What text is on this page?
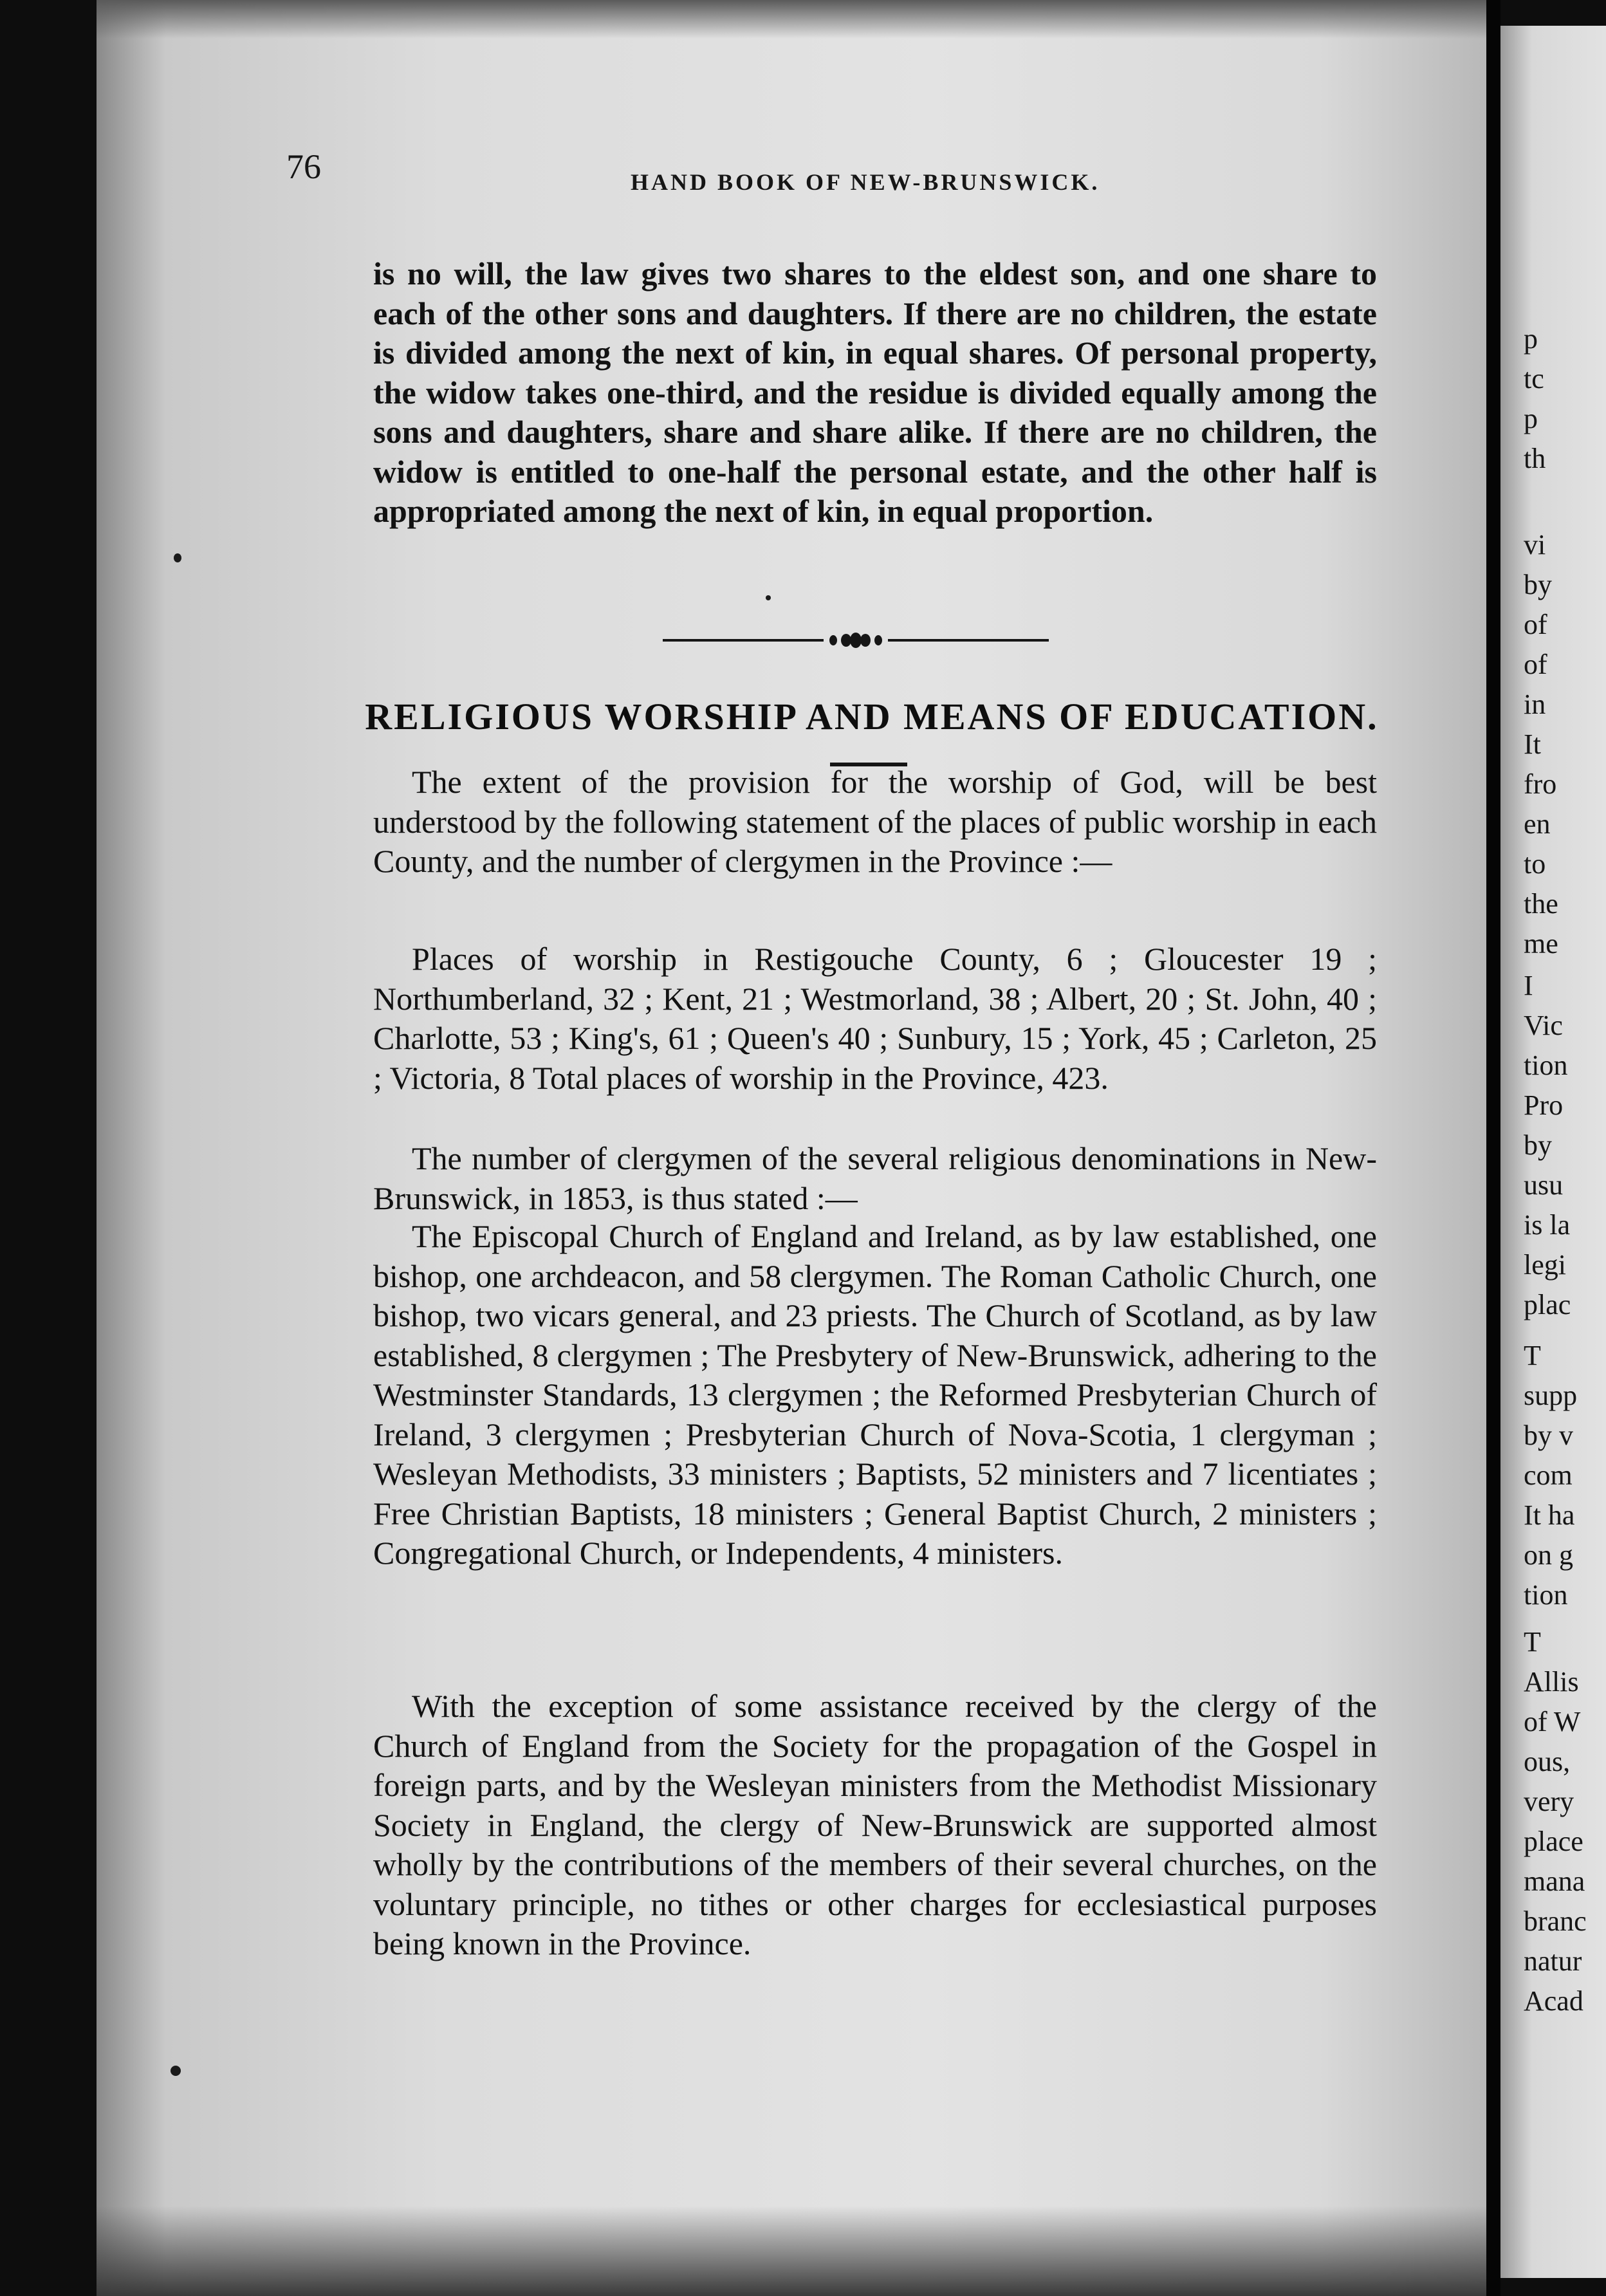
76	HAND BOOK OF NEW-BRUNSWICK.

is no will, the law gives two shares to the eldest son, and one share to each of the other sons and daughters. If there are no children, the estate is divided among the next of kin, in equal shares. Of personal property, the widow takes one-third, and the residue is divided equally among the sons and daughters, share and share alike. If there are no children, the widow is entitled to one-half the personal estate, and the other half is appropriated among the next of kin, in equal proportion.

RELIGIOUS WORSHIP AND MEANS OF EDUCATION.

The extent of the provision for the worship of God, will be best understood by the following statement of the places of public worship in each County, and the number of clergymen in the Province :—

Places of worship in Restigouche County, 6 ; Gloucester 19 ; Northumberland, 32 ; Kent, 21 ; Westmorland, 38 ; Albert, 20 ; St. John, 40 ; Charlotte, 53 ; King's, 61 ; Queen's 40 ; Sunbury, 15 ; York, 45 ; Carleton, 25 ; Victoria, 8 Total places of worship in the Province, 423.

The number of clergymen of the several religious denominations in New-Brunswick, in 1853, is thus stated :—

The Episcopal Church of England and Ireland, as by law established, one bishop, one archdeacon, and 58 clergymen. The Roman Catholic Church, one bishop, two vicars general, and 23 priests. The Church of Scotland, as by law established, 8 clergymen ; The Presbytery of New-Brunswick, adhering to the Westminster Standards, 13 clergymen ; the Reformed Presbyterian Church of Ireland, 3 clergymen ; Presbyterian Church of Nova-Scotia, 1 clergyman ; Wesleyan Methodists, 33 ministers ; Baptists, 52 ministers and 7 licentiates ; Free Christian Baptists, 18 ministers ; General Baptist Church, 2 ministers ; Congregational Church, or Independents, 4 ministers.

With the exception of some assistance received by the clergy of the Church of England from the Society for the propagation of the Gospel in foreign parts, and by the Wesleyan ministers from the Methodist Missionary Society in England, the clergy of New-Brunswick are supported almost wholly by the contributions of the members of their several churches, on the voluntary principle, no tithes or other charges for ecclesiastical purposes being known in the Province.

p

tc

p

th

vi

by

of

of

in

It

fro

en

to

the

me

I

Vic

tion

Pro

by

usu

is la

legi

plac

T

supp

by v

com

It ha

on g

tion

T

Allis

of W

ous,

very

place

mana

branc

natur

Acad
